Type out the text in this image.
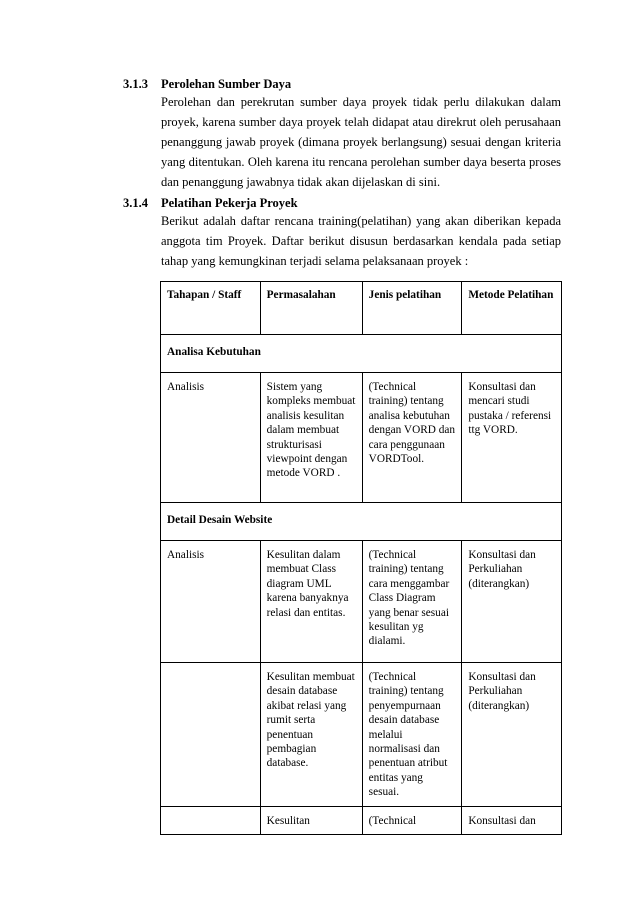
3.1.3 Perolehan Sumber Daya

Perolehan dan perekrutan sumber daya proyek tidak perlu dilakukan dalam proyek, karena sumber daya proyek telah didapat atau direkrut oleh perusahaan penanggung jawab proyek (dimana proyek berlangsung) sesuai dengan kriteria yang ditentukan. Oleh karena itu rencana perolehan sumber daya beserta proses dan penanggung jawabnya tidak akan dijelaskan di sini.

3.1.4 Pelatihan Pekerja Proyek

Berikut adalah daftar rencana training(pelatihan) yang akan diberikan kepada anggota tim Proyek. Daftar berikut disusun berdasarkan kendala pada setiap tahap yang kemungkinan terjadi selama pelaksanaan proyek :

Tahapan / Staff	Permasalahan	Jenis pelatihan	Metode Pelatihan
Analisa Kebutuhan			
Analisis	Sistem yang kompleks membuat analisis kesulitan dalam membuat strukturisasi viewpoint dengan metode VORD .	(Technical training) tentang analisa kebutuhan dengan VORD dan cara penggunaan VORDTool.	Konsultasi dan mencari studi pustaka / referensi ttg VORD.
Detail Desain Website			
Analisis	Kesulitan dalam membuat Class diagram UML karena banyaknya relasi dan entitas.	(Technical training) tentang cara menggambar Class Diagram yang benar sesuai kesulitan yg dialami.	Konsultasi dan Perkuliahan (diterangkan)
	Kesulitan membuat desain database akibat relasi yang rumit serta penentuan pembagian database.	(Technical training) tentang penyempurnaan desain database melalui normalisasi dan penentuan atribut entitas yang sesuai.	Konsultasi dan Perkuliahan (diterangkan)
	Kesulitan	(Technical	Konsultasi dan
